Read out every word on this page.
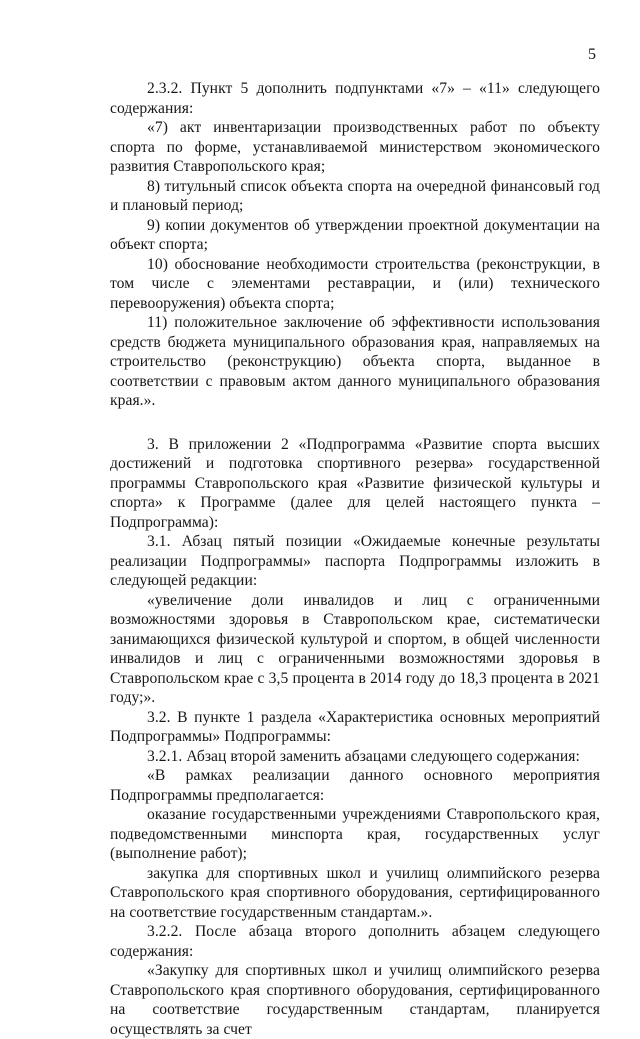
5

2.3.2. Пункт 5 дополнить подпунктами «7» – «11» следующего содержания:

«7) акт инвентаризации производственных работ по объекту спорта по форме, устанавливаемой министерством экономического развития Ставропольского края;

8) титульный список объекта спорта на очередной финансовый год и плановый период;

9) копии документов об утверждении проектной документации на объект спорта;

10) обоснование необходимости строительства (реконструкции, в том числе с элементами реставрации, и (или) технического перевооружения) объекта спорта;

11) положительное заключение об эффективности использования средств бюджета муниципального образования края, направляемых на строительство (реконструкцию) объекта спорта, выданное в соответствии с правовым актом данного муниципального образования края.».

3. В приложении 2 «Подпрограмма «Развитие спорта высших достижений и подготовка спортивного резерва» государственной программы Ставропольского края «Развитие физической культуры и спорта» к Программе (далее для целей настоящего пункта – Подпрограмма):

3.1. Абзац пятый позиции «Ожидаемые конечные результаты реализации Подпрограммы» паспорта Подпрограммы изложить в следующей редакции:

«увеличение доли инвалидов и лиц с ограниченными возможностями здоровья в Ставропольском крае, систематически занимающихся физической культурой и спортом, в общей численности инвалидов и лиц с ограниченными возможностями здоровья в Ставропольском крае с 3,5 процента в 2014 году до 18,3 процента в 2021 году;».

3.2. В пункте 1 раздела «Характеристика основных мероприятий Подпрограммы» Подпрограммы:

3.2.1. Абзац второй заменить абзацами следующего содержания:

«В рамках реализации данного основного мероприятия Подпрограммы предполагается:

оказание государственными учреждениями Ставропольского края, подведомственными минспорта края, государственных услуг (выполнение работ);

закупка для спортивных школ и училищ олимпийского резерва Ставропольского края спортивного оборудования, сертифицированного на соответствие государственным стандартам.».

3.2.2. После абзаца второго дополнить абзацем следующего содержания:

«Закупку для спортивных школ и училищ олимпийского резерва Ставропольского края спортивного оборудования, сертифицированного на соответствие государственным стандартам, планируется осуществлять за счет
